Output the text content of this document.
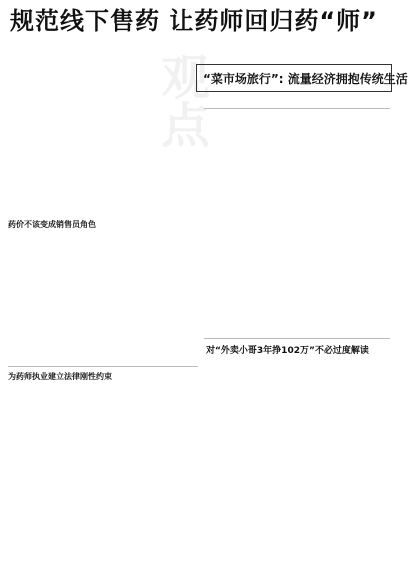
规范线下售药 让药师回归药“师”
观点
“菜市场旅行”: 流量经济拥抱传统生活
药价不该变成销售员角色
对“外卖小哥3年挣102万”不必过度解读
为药师执业建立法律刚性约束
